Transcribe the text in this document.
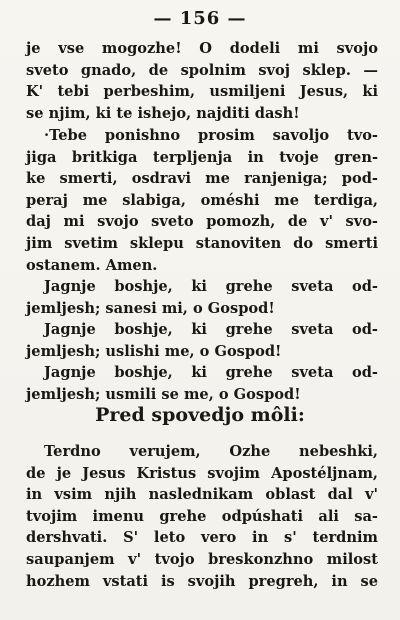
— 156 —
je vse mogozhe! O dodeli mi svojo
sveto gnado, de spolnim svoj sklep. —
K' tebi perbeshim, usmiljeni Jesus, ki
se njim, ki te ishejo, najditi dash!
·Tebe ponishno prosim savoljo tvo-
jiga britkiga terpljenja in tvoje gren-
ke smerti, osdravi me ranjeniga; pod-
peraj me slabiga, oméshi me terdiga,
daj mi svojo sveto pomozh, de v' svo-
jim svetim sklepu stanoviten do smerti
ostanem. Amen.
Jagnje boshje, ki grehe sveta od-
jemljesh; sanesi mi, o Gospod!
Jagnje boshje, ki grehe sveta od-
jemljesh; uslishi me, o Gospod!
Jagnje boshje, ki grehe sveta od-
jemljesh; usmili se me, o Gospod!
Pred spovedjo môli:
Terdno verujem, Ozhe nebeshki,
de je Jesus Kristus svojim Apostéljnam,
in vsim njih naslednikam oblast dal v'
tvojim imenu grehe odpúshati ali sa-
dershvati. S' leto vero in s' terdnim
saupanjem v' tvojo breskonzhno milost
hozhem vstati is svojih pregreh, in se
